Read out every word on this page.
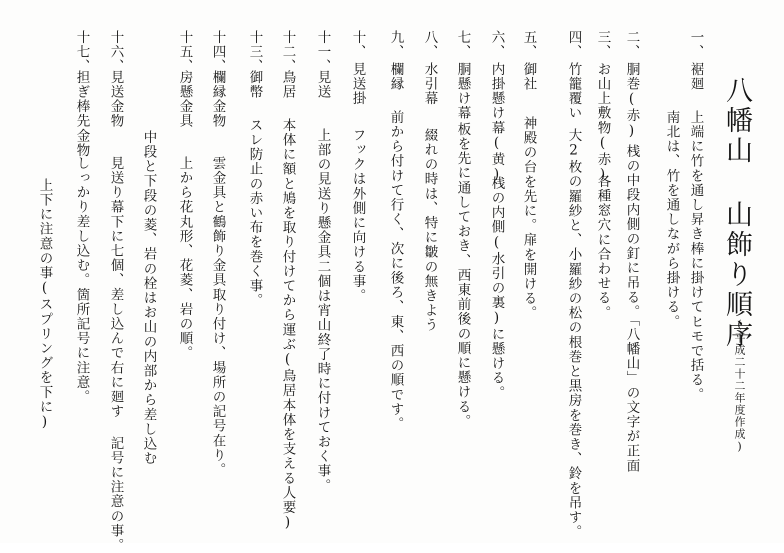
八幡山 山飾り順序
(平成二十二年度作成)
一、
裾廻
上端に竹を通し昇き棒に掛けてヒモで括る。
南北は、竹を通しながら掛ける。
二、
胴巻(赤)
桟の中段内側の釘に吊る。「八幡山」の文字が正面
三、
お山上敷物(赤)
各種窓穴に合わせる。
四、
竹籠覆い
大2枚の羅紗と、小羅紗の松の根巻と黒房を巻き、鈴を吊す。
五、
御社
神殿の台を先に。扉を開ける。
六、
内掛懸け幕(黄)
桟の内側(水引の裏)に懸ける。
七、
胴懸け幕
板を先に通しておき、西東前後の順に懸ける。
八、
水引幕
綴れの時は、特に皺の無きよう
九、
欄縁
前から付けて行く、次に後ろ、東、西の順です。
十、
見送掛
フックは外側に向ける事。
十一、
見送
上部の見送り懸金具二個は宵山終了時に付けておく事。
十二、
鳥居
本体に額と鳩を取り付けてから運ぶ(鳥居本体を支える人要)
十三、
御幣
スレ防止の赤い布を巻く事。
十四、
欄縁金物
雲金具と鶴飾り金具取り付け、場所の記号在り。
十五、
房懸金具
上から花丸形、花菱、岩の順。
中段と下段の菱、岩の栓はお山の内部から差し込む
十六、
見送金物
見送り幕下に七個、差し込んで右に廻す 記号に注意の事。
十七、
担ぎ棒先金物
しっかり差し込む。箇所記号に注意。
上下に注意の事(スプリングを下に)
